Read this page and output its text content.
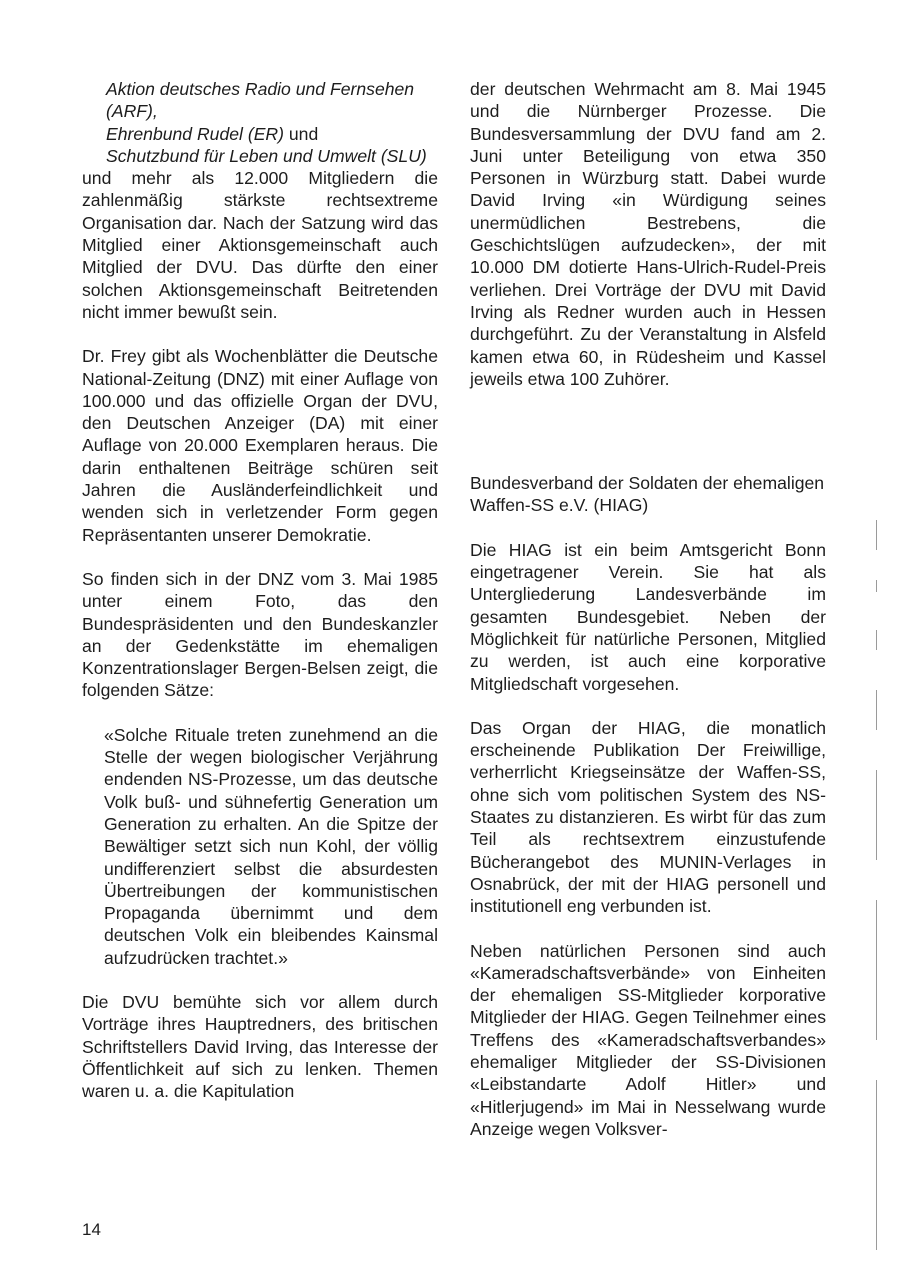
Aktion deutsches Radio und Fernsehen (ARF),
Ehrenbund Rudel (ER) und
Schutzbund für Leben und Umwelt (SLU)

und mehr als 12.000 Mitgliedern die zahlenmäßig stärkste rechtsextreme Organisation dar. Nach der Satzung wird das Mitglied einer Aktionsgemeinschaft auch Mitglied der DVU. Das dürfte den einer solchen Aktionsgemeinschaft Beitretenden nicht immer bewußt sein.

Dr. Frey gibt als Wochenblätter die Deutsche National-Zeitung (DNZ) mit einer Auflage von 100.000 und das offizielle Organ der DVU, den Deutschen Anzeiger (DA) mit einer Auflage von 20.000 Exemplaren heraus. Die darin enthaltenen Beiträge schüren seit Jahren die Ausländerfeindlichkeit und wenden sich in verletzender Form gegen Repräsentanten unserer Demokratie.

So finden sich in der DNZ vom 3. Mai 1985 unter einem Foto, das den Bundespräsidenten und den Bundeskanzler an der Gedenkstätte im ehemaligen Konzentrationslager Bergen-Belsen zeigt, die folgenden Sätze:

«Solche Rituale treten zunehmend an die Stelle der wegen biologischer Verjährung endenden NS-Prozesse, um das deutsche Volk buß- und sühnefertig Generation um Generation zu erhalten. An die Spitze der Bewältiger setzt sich nun Kohl, der völlig undifferenziert selbst die absurdesten Übertreibungen der kommunistischen Propaganda übernimmt und dem deutschen Volk ein bleibendes Kainsmal aufzudrücken trachtet.»

Die DVU bemühte sich vor allem durch Vorträge ihres Hauptredners, des britischen Schriftstellers David Irving, das Interesse der Öffentlichkeit auf sich zu lenken. Themen waren u. a. die Kapitulation

der deutschen Wehrmacht am 8. Mai 1945 und die Nürnberger Prozesse. Die Bundesversammlung der DVU fand am 2. Juni unter Beteiligung von etwa 350 Personen in Würzburg statt. Dabei wurde David Irving «in Würdigung seines unermüdlichen Bestrebens, die Geschichtslügen aufzudecken», der mit 10.000 DM dotierte Hans-Ulrich-Rudel-Preis verliehen. Drei Vorträge der DVU mit David Irving als Redner wurden auch in Hessen durchgeführt. Zu der Veranstaltung in Alsfeld kamen etwa 60, in Rüdesheim und Kassel jeweils etwa 100 Zuhörer.

Bundesverband der Soldaten der ehemaligen Waffen-SS e.V. (HIAG)

Die HIAG ist ein beim Amtsgericht Bonn eingetragener Verein. Sie hat als Untergliederung Landesverbände im gesamten Bundesgebiet. Neben der Möglichkeit für natürliche Personen, Mitglied zu werden, ist auch eine korporative Mitgliedschaft vorgesehen.

Das Organ der HIAG, die monatlich erscheinende Publikation Der Freiwillige, verherrlicht Kriegseinsätze der Waffen-SS, ohne sich vom politischen System des NS-Staates zu distanzieren. Es wirbt für das zum Teil als rechtsextrem einzustufende Bücherangebot des MUNIN-Verlages in Osnabrück, der mit der HIAG personell und institutionell eng verbunden ist.

Neben natürlichen Personen sind auch «Kameradschaftsverbände» von Einheiten der ehemaligen SS-Mitglieder korporative Mitglieder der HIAG. Gegen Teilnehmer eines Treffens des «Kameradschaftsverbandes» ehemaliger Mitglieder der SS-Divisionen «Leibstandarte Adolf Hitler» und «Hitlerjugend» im Mai in Nesselwang wurde Anzeige wegen Volksver-

14
